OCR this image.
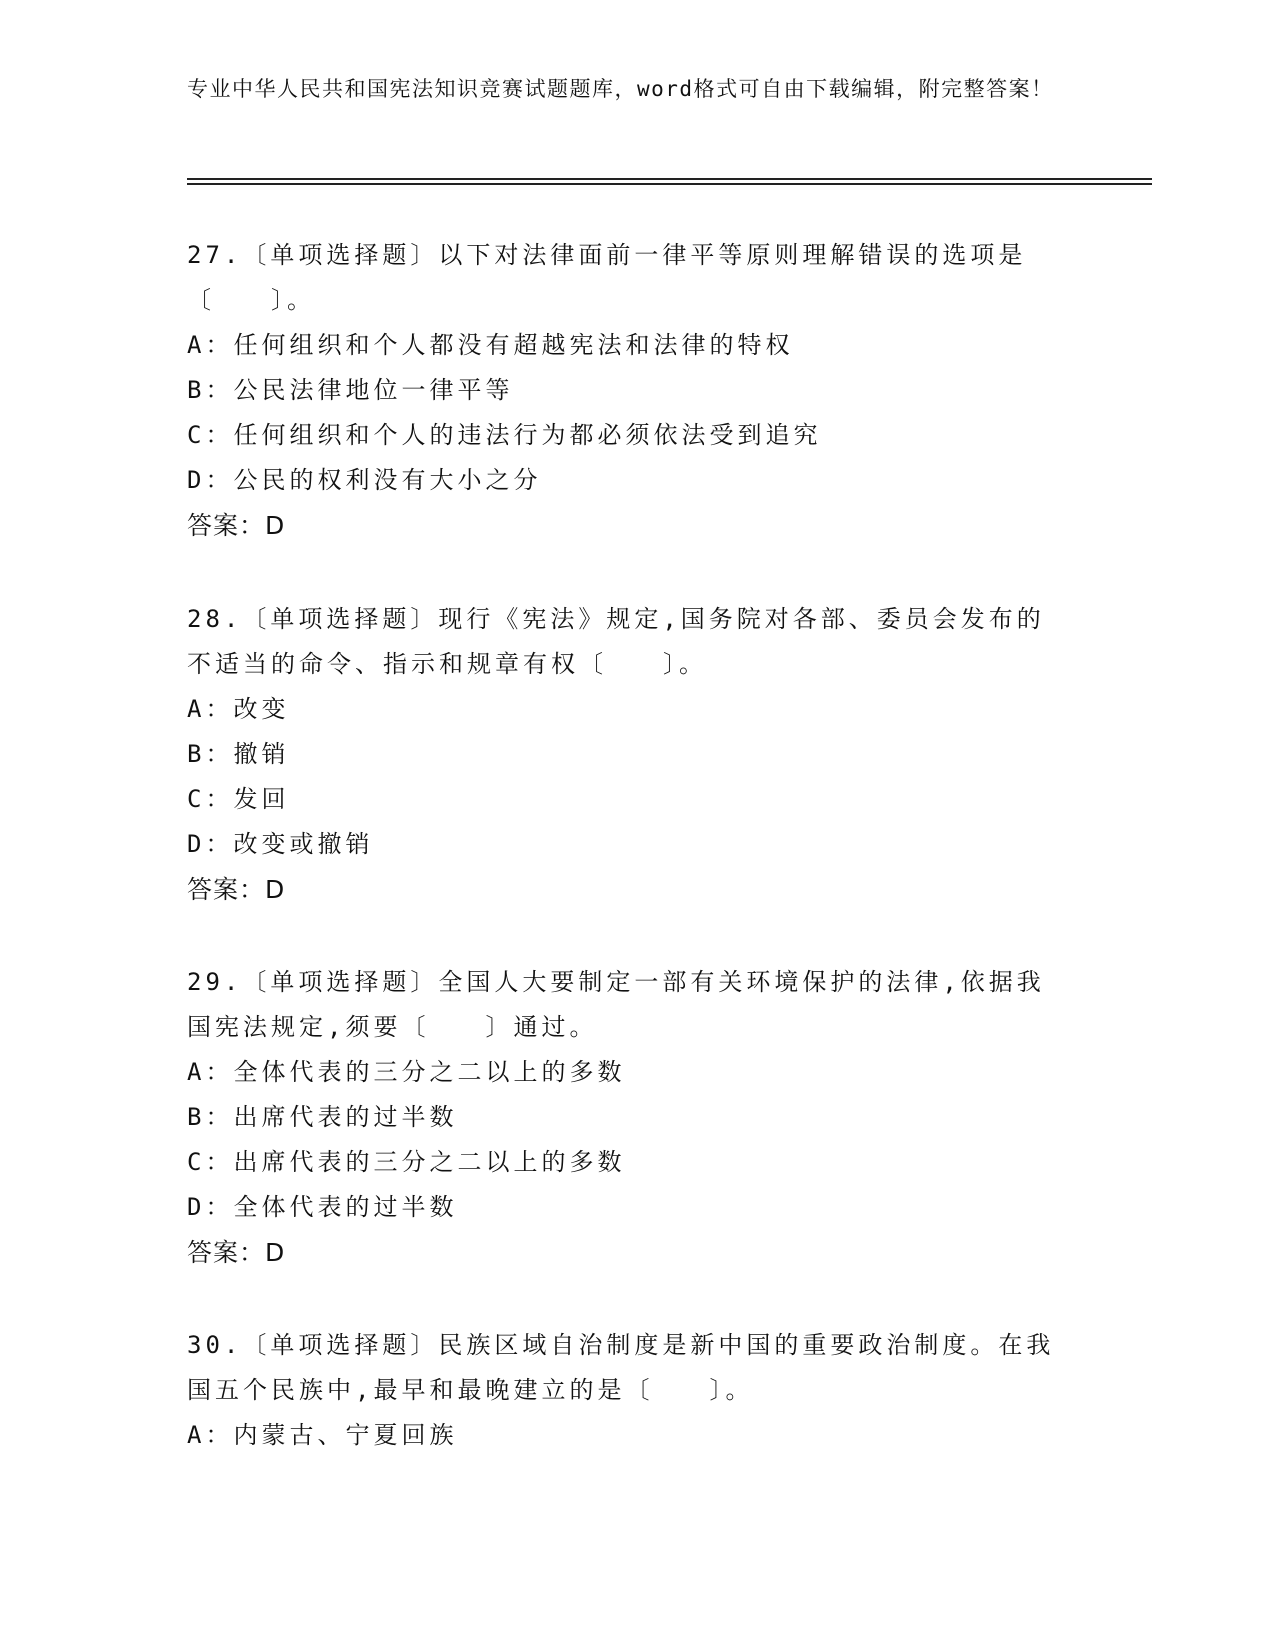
专业中华人民共和国宪法知识竞赛试题题库，word格式可自由下载编辑，附完整答案！

27.〔单项选择题〕以下对法律面前一律平等原则理解错误的选项是〔　　〕。

A：任何组织和个人都没有超越宪法和法律的特权

B：公民法律地位一律平等

C：任何组织和个人的违法行为都必须依法受到追究

D：公民的权利没有大小之分

答案：D

28.〔单项选择题〕现行《宪法》规定,国务院对各部、委员会发布的不适当的命令、指示和规章有权〔　　〕。

A：改变

B：撤销

C：发回

D：改变或撤销

答案：D

29.〔单项选择题〕全国人大要制定一部有关环境保护的法律,依据我国宪法规定,须要〔　　〕通过。

A：全体代表的三分之二以上的多数

B：出席代表的过半数

C：出席代表的三分之二以上的多数

D：全体代表的过半数

答案：D

30.〔单项选择题〕民族区域自治制度是新中国的重要政治制度。在我国五个民族中,最早和最晚建立的是〔　　〕。

A：内蒙古、宁夏回族
